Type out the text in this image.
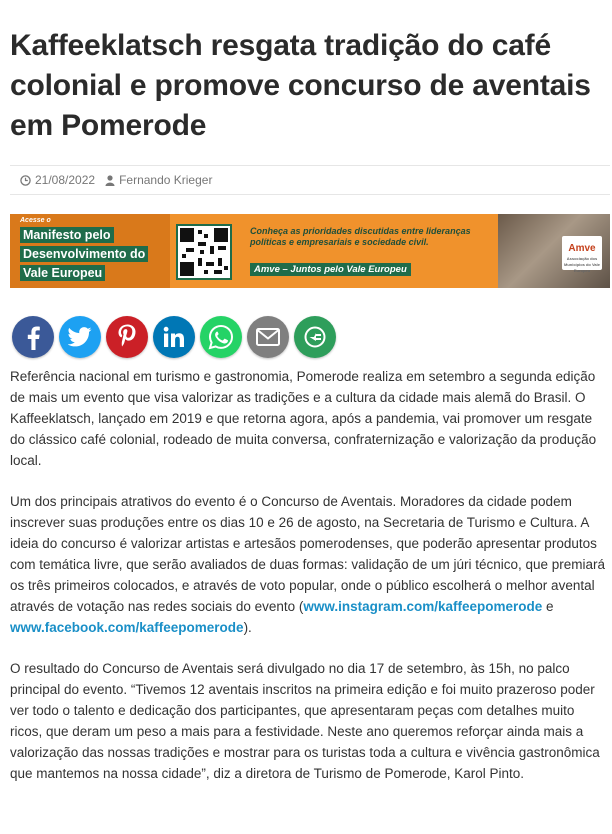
Kaffeeklatsch resgata tradição do café colonial e promove concurso de aventais em Pomerode
21/08/2022 Fernando Krieger
Acesse o
Manifesto pelo Desenvolvimento do Vale Europeu
Conheça as prioridades discutidas entre lideranças políticas e empresariais e sociedade civil.
Amve – Juntos pelo Vale Europeu
Amve
Associação dos Municípios do Vale Europeu

Referência nacional em turismo e gastronomia, Pomerode realiza em setembro a segunda edição de mais um evento que visa valorizar as tradições e a cultura da cidade mais alemã do Brasil. O Kaffeeklatsch, lançado em 2019 e que retorna agora, após a pandemia, vai promover um resgate do clássico café colonial, rodeado de muita conversa, confraternização e valorização da produção local.

Um dos principais atrativos do evento é o Concurso de Aventais. Moradores da cidade podem inscrever suas produções entre os dias 10 e 26 de agosto, na Secretaria de Turismo e Cultura. A ideia do concurso é valorizar artistas e artesãos pomerodenses, que poderão apresentar produtos com temática livre, que serão avaliados de duas formas: validação de um júri técnico, que premiará os três primeiros colocados, e através de voto popular, onde o público escolherá o melhor avental através de votação nas redes sociais do evento (www.instagram.com/kaffeepomerode e www.facebook.com/kaffeepomerode).

O resultado do Concurso de Aventais será divulgado no dia 17 de setembro, às 15h, no palco principal do evento. “Tivemos 12 aventais inscritos na primeira edição e foi muito prazeroso poder ver todo o talento e dedicação dos participantes, que apresentaram peças com detalhes muito ricos, que deram um peso a mais para a festividade. Neste ano queremos reforçar ainda mais a valorização das nossas tradições e mostrar para os turistas toda a cultura e vivência gastronômica que mantemos na nossa cidade”, diz a diretora de Turismo de Pomerode, Karol Pinto.
